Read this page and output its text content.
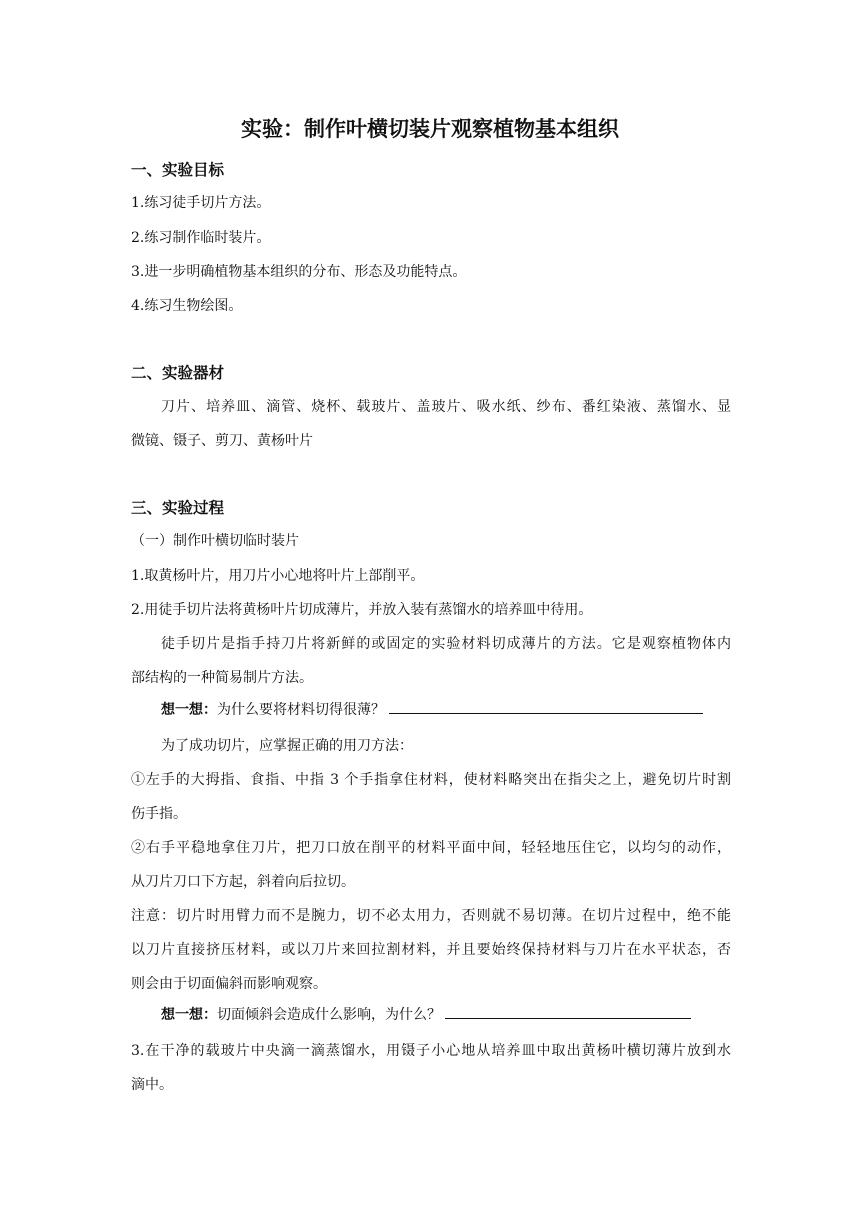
实验：制作叶横切装片观察植物基本组织
一、实验目标
1.练习徒手切片方法。
2.练习制作临时装片。
3.进一步明确植物基本组织的分布、形态及功能特点。
4.练习生物绘图。
二、实验器材
刀片、培养皿、滴管、烧杯、载玻片、盖玻片、吸水纸、纱布、番红染液、蒸馏水、显
微镜、镊子、剪刀、黄杨叶片
三、实验过程
（一）制作叶横切临时装片
1.取黄杨叶片，用刀片小心地将叶片上部削平。
2.用徒手切片法将黄杨叶片切成薄片，并放入装有蒸馏水的培养皿中待用。
徒手切片是指手持刀片将新鲜的或固定的实验材料切成薄片的方法。它是观察植物体内
部结构的一种简易制片方法。
想一想：为什么要将材料切得很薄？
为了成功切片，应掌握正确的用刀方法：
①左手的大拇指、食指、中指 3 个手指拿住材料，使材料略突出在指尖之上，避免切片时割
伤手指。
②右手平稳地拿住刀片，把刀口放在削平的材料平面中间，轻轻地压住它，以均匀的动作，
从刀片刀口下方起，斜着向后拉切。
注意：切片时用臂力而不是腕力，切不必太用力，否则就不易切薄。在切片过程中，绝不能
以刀片直接挤压材料，或以刀片来回拉割材料，并且要始终保持材料与刀片在水平状态，否
则会由于切面偏斜而影响观察。
想一想：切面倾斜会造成什么影响，为什么？
3.在干净的载玻片中央滴一滴蒸馏水，用镊子小心地从培养皿中取出黄杨叶横切薄片放到水
滴中。
